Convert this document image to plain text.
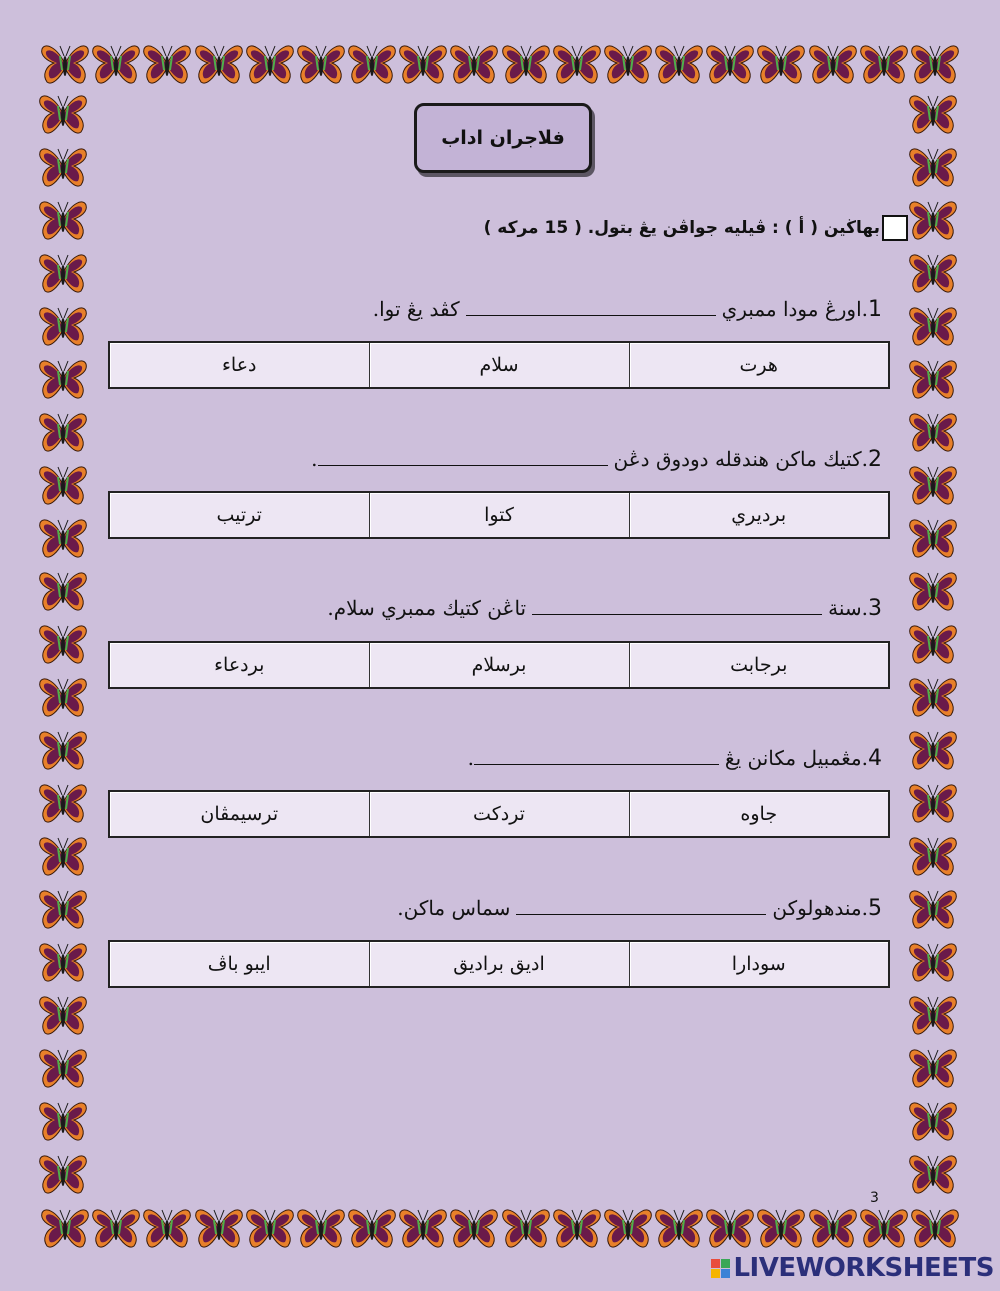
فلاجران اداب
بهاڬين ( أ ) : ڤيليه جواڤن يڠ بتول. ( 15 مركه )
1
.اورڠ مودا ممبري
كڤد يڠ توا.
دعاء	سلام	هرت
2
.كتيك ماكن هندقله دودوق دڠن
.
ترتيب	كتوا	برديري
3
.سنة
تاڠن كتيك ممبري سلام.
بردعاء	برسلام	برجابت
4
.مڠمبيل مكانن يڠ
.
ترسيمڤان	تردكت	جاوه
5
.مندهولوكن
سماس ماكن.
ايبو باڤ	اديق براديق	سودارا
3
LIVEWORKSHEETS
